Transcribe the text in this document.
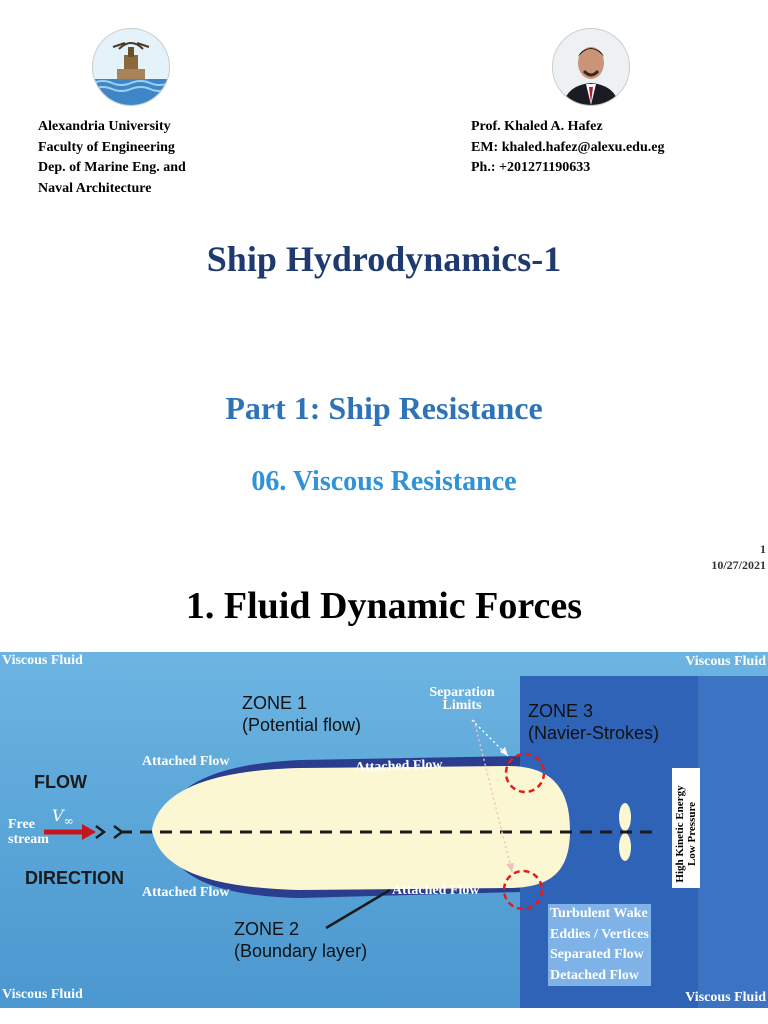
Alexandria University
Faculty of Engineering
Dep. of Marine Eng. and
Naval Architecture
Prof. Khaled A. Hafez
EM: khaled.hafez@alexu.edu.eg
Ph.: +201271190633
Ship Hydrodynamics-1
Part 1: Ship Resistance
06. Viscous Resistance
1
10/27/2021
1. Fluid Dynamic Forces
Viscous Fluid	Viscous Fluid
Viscous Fluid	Viscous Fluid
FLOW
DIRECTION
Free stream
$V_\infty$
ZONE 1
(Potential flow)
ZONE 2
(Boundary layer)
ZONE 3
(Navier-Strokes)
Separation Limits
Attached Flow	Attached Flow
Attached Flow	Attached Flow
Turbulent Wake
Eddies / Vertices
Separated Flow
Detached Flow
High Kinetic Energy Low Pressure
